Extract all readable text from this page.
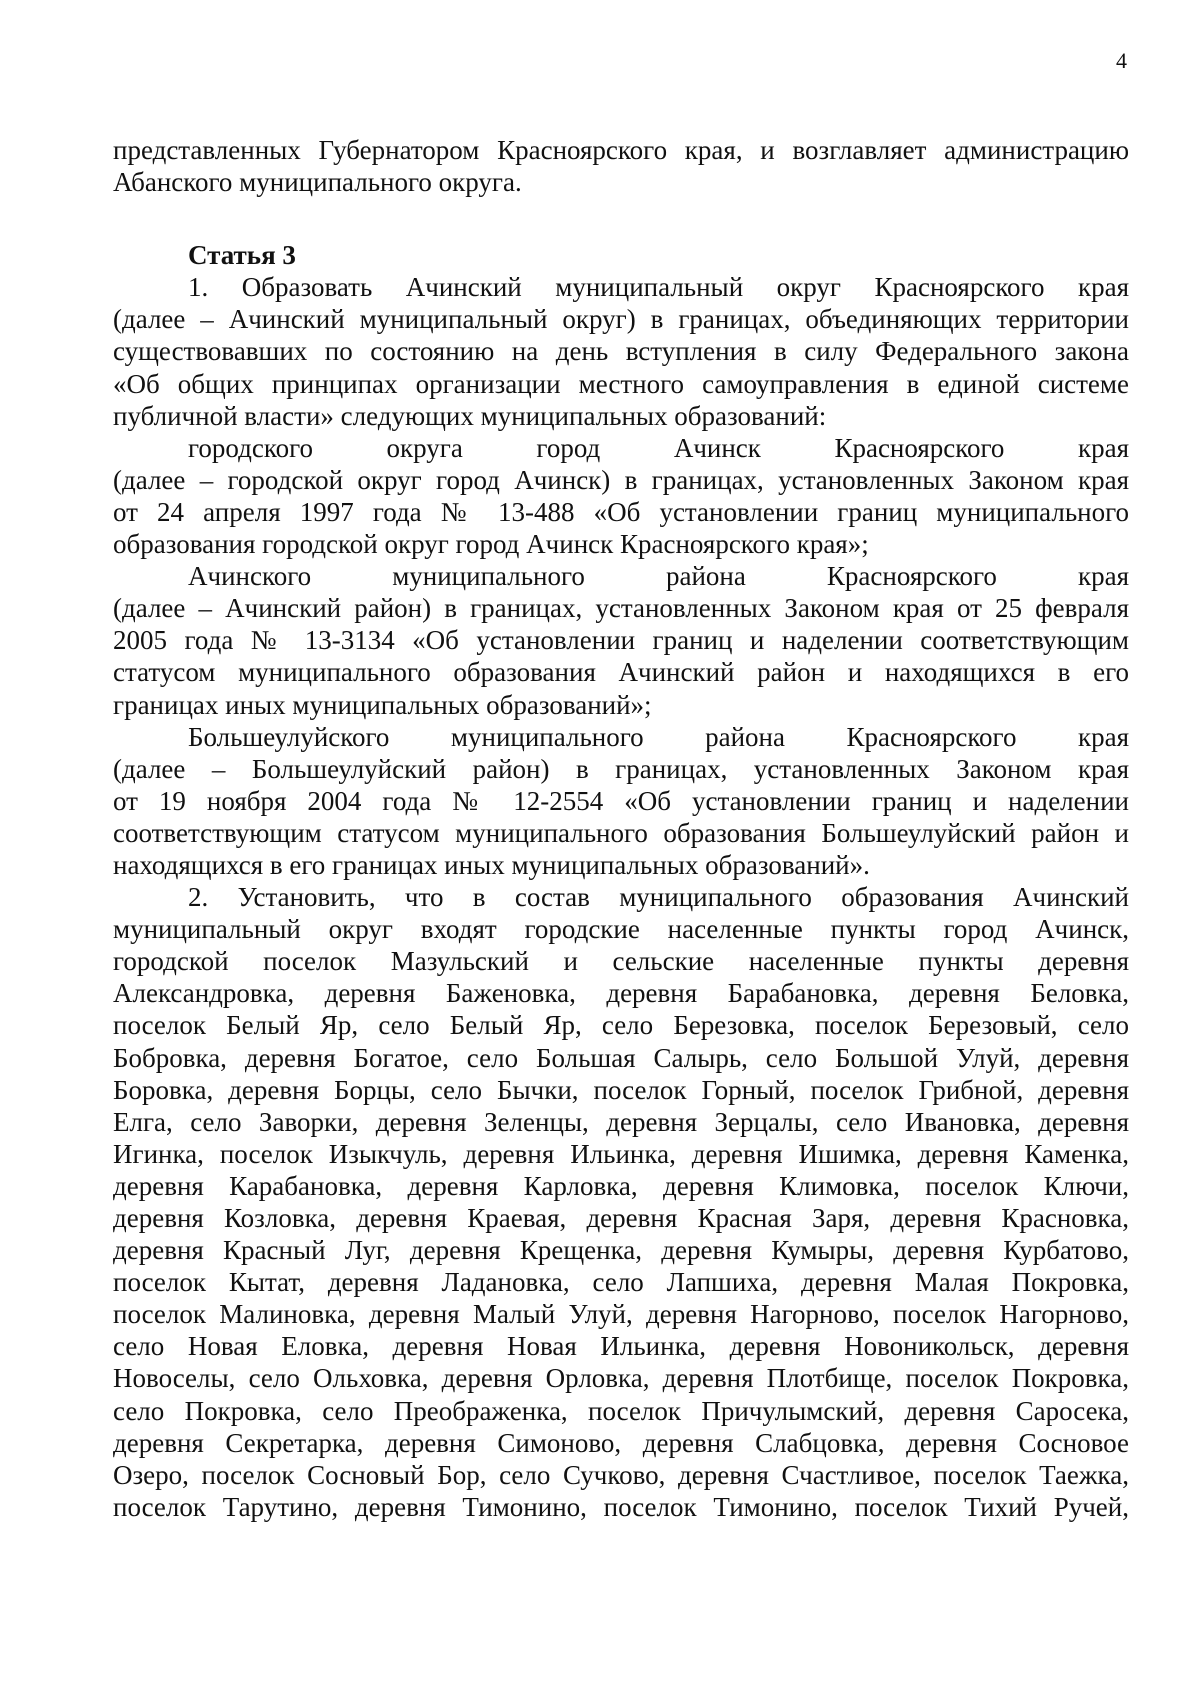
4
представленных Губернатором Красноярского края, и возглавляет администрацию
Абанского муниципального округа.
Статья 3
1. Образовать Ачинский муниципальный округ Красноярского края
(далее – Ачинский муниципальный округ) в границах, объединяющих территории
существовавших по состоянию на день вступления в силу Федерального закона
«Об общих принципах организации местного самоуправления в единой системе
публичной власти» следующих муниципальных образований:
городского округа город Ачинск Красноярского края
(далее – городской округ город Ачинск) в границах, установленных Законом края
от 24 апреля 1997 года № 13-488 «Об установлении границ муниципального
образования городской округ город Ачинск Красноярского края»;
Ачинского муниципального района Красноярского края
(далее – Ачинский район) в границах, установленных Законом края от 25 февраля
2005 года № 13-3134 «Об установлении границ и наделении соответствующим
статусом муниципального образования Ачинский район и находящихся в его
границах иных муниципальных образований»;
Большеулуйского муниципального района Красноярского края
(далее – Большеулуйский район) в границах, установленных Законом края
от 19 ноября 2004 года № 12-2554 «Об установлении границ и наделении
соответствующим статусом муниципального образования Большеулуйский район и
находящихся в его границах иных муниципальных образований».
2. Установить, что в состав муниципального образования Ачинский
муниципальный округ входят городские населенные пункты город Ачинск,
городской поселок Мазульский и сельские населенные пункты деревня
Александровка, деревня Баженовка, деревня Барабановка, деревня Беловка,
поселок Белый Яр, село Белый Яр, село Березовка, поселок Березовый, село
Бобровка, деревня Богатое, село Большая Салырь, село Большой Улуй, деревня
Боровка, деревня Борцы, село Бычки, поселок Горный, поселок Грибной, деревня
Елга, село Заворки, деревня Зеленцы, деревня Зерцалы, село Ивановка, деревня
Игинка, поселок Изыкчуль, деревня Ильинка, деревня Ишимка, деревня Каменка,
деревня Карабановка, деревня Карловка, деревня Климовка, поселок Ключи,
деревня Козловка, деревня Краевая, деревня Красная Заря, деревня Красновка,
деревня Красный Луг, деревня Крещенка, деревня Кумыры, деревня Курбатово,
поселок Кытат, деревня Ладановка, село Лапшиха, деревня Малая Покровка,
поселок Малиновка, деревня Малый Улуй, деревня Нагорново, поселок Нагорново,
село Новая Еловка, деревня Новая Ильинка, деревня Новоникольск, деревня
Новоселы, село Ольховка, деревня Орловка, деревня Плотбище, поселок Покровка,
село Покровка, село Преображенка, поселок Причулымский, деревня Саросека,
деревня Секретарка, деревня Симоново, деревня Слабцовка, деревня Сосновое
Озеро, поселок Сосновый Бор, село Сучково, деревня Счастливое, поселок Таежка,
поселок Тарутино, деревня Тимонино, поселок Тимонино, поселок Тихий Ручей,
